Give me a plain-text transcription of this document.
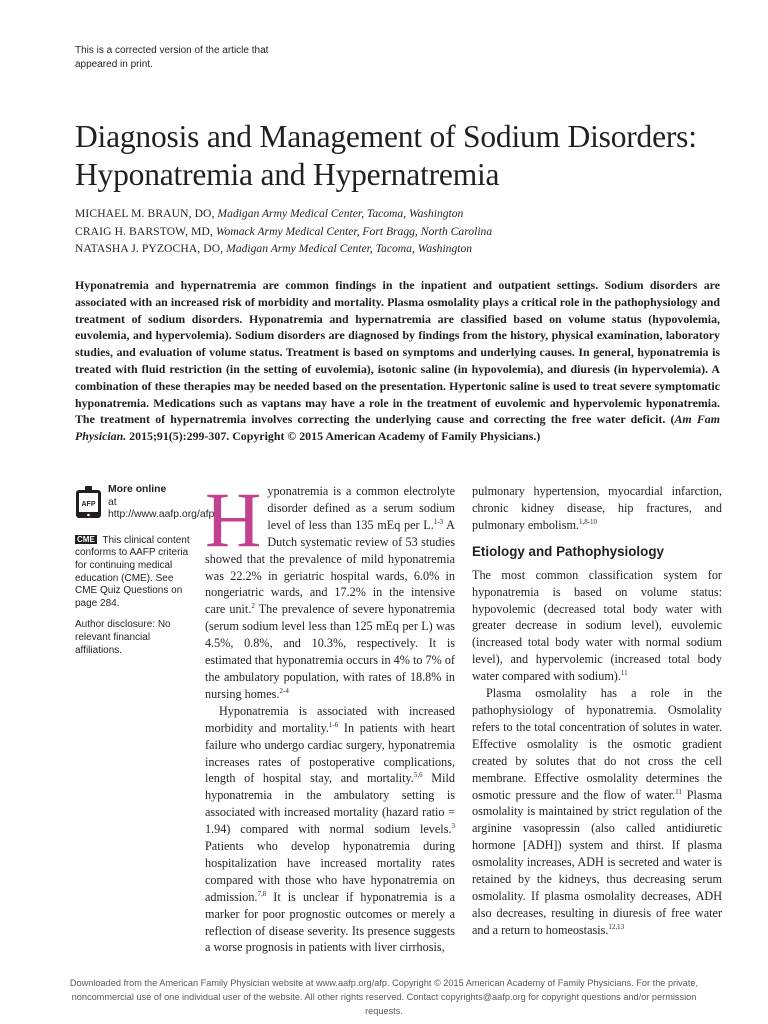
This is a corrected version of the article that appeared in print.
Diagnosis and Management of Sodium Disorders: Hyponatremia and Hypernatremia
MICHAEL M. BRAUN, DO, Madigan Army Medical Center, Tacoma, Washington
CRAIG H. BARSTOW, MD, Womack Army Medical Center, Fort Bragg, North Carolina
NATASHA J. PYZOCHA, DO, Madigan Army Medical Center, Tacoma, Washington

Hyponatremia and hypernatremia are common findings in the inpatient and outpatient settings. Sodium disorders are associated with an increased risk of morbidity and mortality. Plasma osmolality plays a critical role in the pathophysiology and treatment of sodium disorders. Hyponatremia and hypernatremia are classified based on volume status (hypovolemia, euvolemia, and hypervolemia). Sodium disorders are diagnosed by findings from the history, physical examination, laboratory studies, and evaluation of volume status. Treatment is based on symptoms and underlying causes. In general, hyponatremia is treated with fluid restriction (in the setting of euvolemia), isotonic saline (in hypovolemia), and diuresis (in hypervolemia). A combination of these therapies may be needed based on the presentation. Hypertonic saline is used to treat severe symptomatic hyponatremia. Medications such as vaptans may have a role in the treatment of euvolemic and hypervolemic hyponatremia. The treatment of hypernatremia involves correcting the underlying cause and correcting the free water deficit. (Am Fam Physician. 2015;91(5):299-307. Copyright © 2015 American Academy of Family Physicians.)

AFP
More online
at http://www.aafp.org/afp.
CME This clinical content conforms to AAFP criteria for continuing medical education (CME). See CME Quiz Questions on page 284.
Author disclosure: No relevant financial affiliations.

Hyponatremia is a common electrolyte disorder defined as a serum sodium level of less than 135 mEq per L.$^{1-3}$ A Dutch systematic review of 53 studies showed that the prevalence of mild hyponatremia was 22.2% in geriatric hospital wards, 6.0% in nongeriatric wards, and 17.2% in the intensive care unit.$^2$ The prevalence of severe hyponatremia (serum sodium level less than 125 mEq per L) was 4.5%, 0.8%, and 10.3%, respectively. It is estimated that hyponatremia occurs in 4% to 7% of the ambulatory population, with rates of 18.8% in nursing homes.$^{2-4}$

Hyponatremia is associated with increased morbidity and mortality.$^{1-6}$ In patients with heart failure who undergo cardiac surgery, hyponatremia increases rates of postoperative complications, length of hospital stay, and mortality.$^{5,6}$ Mild hyponatremia in the ambulatory setting is associated with increased mortality (hazard ratio = 1.94) compared with normal sodium levels.$^3$ Patients who develop hyponatremia during hospitalization have increased mortality rates compared with those who have hyponatremia on admission.$^{7,8}$ It is unclear if hyponatremia is a marker for poor prognostic outcomes or merely a reflection of disease severity. Its presence suggests a worse prognosis in patients with liver cirrhosis,

pulmonary hypertension, myocardial infarction, chronic kidney disease, hip fractures, and pulmonary embolism.$^{1,8-10}$

Etiology and Pathophysiology

The most common classification system for hyponatremia is based on volume status: hypovolemic (decreased total body water with greater decrease in sodium level), euvolemic (increased total body water with normal sodium level), and hypervolemic (increased total body water compared with sodium).$^{11}$

Plasma osmolality has a role in the pathophysiology of hyponatremia. Osmolality refers to the total concentration of solutes in water. Effective osmolality is the osmotic gradient created by solutes that do not cross the cell membrane. Effective osmolality determines the osmotic pressure and the flow of water.$^{11}$ Plasma osmolality is maintained by strict regulation of the arginine vasopressin (also called antidiuretic hormone [ADH]) system and thirst. If plasma osmolality increases, ADH is secreted and water is retained by the kidneys, thus decreasing serum osmolality. If plasma osmolality decreases, ADH also decreases, resulting in diuresis of free water and a return to homeostasis.$^{12,13}$

Downloaded from the American Family Physician website at www.aafp.org/afp. Copyright © 2015 American Academy of Family Physicians. For the private, noncommercial use of one individual user of the website. All other rights reserved. Contact copyrights@aafp.org for copyright questions and/or permission requests.
